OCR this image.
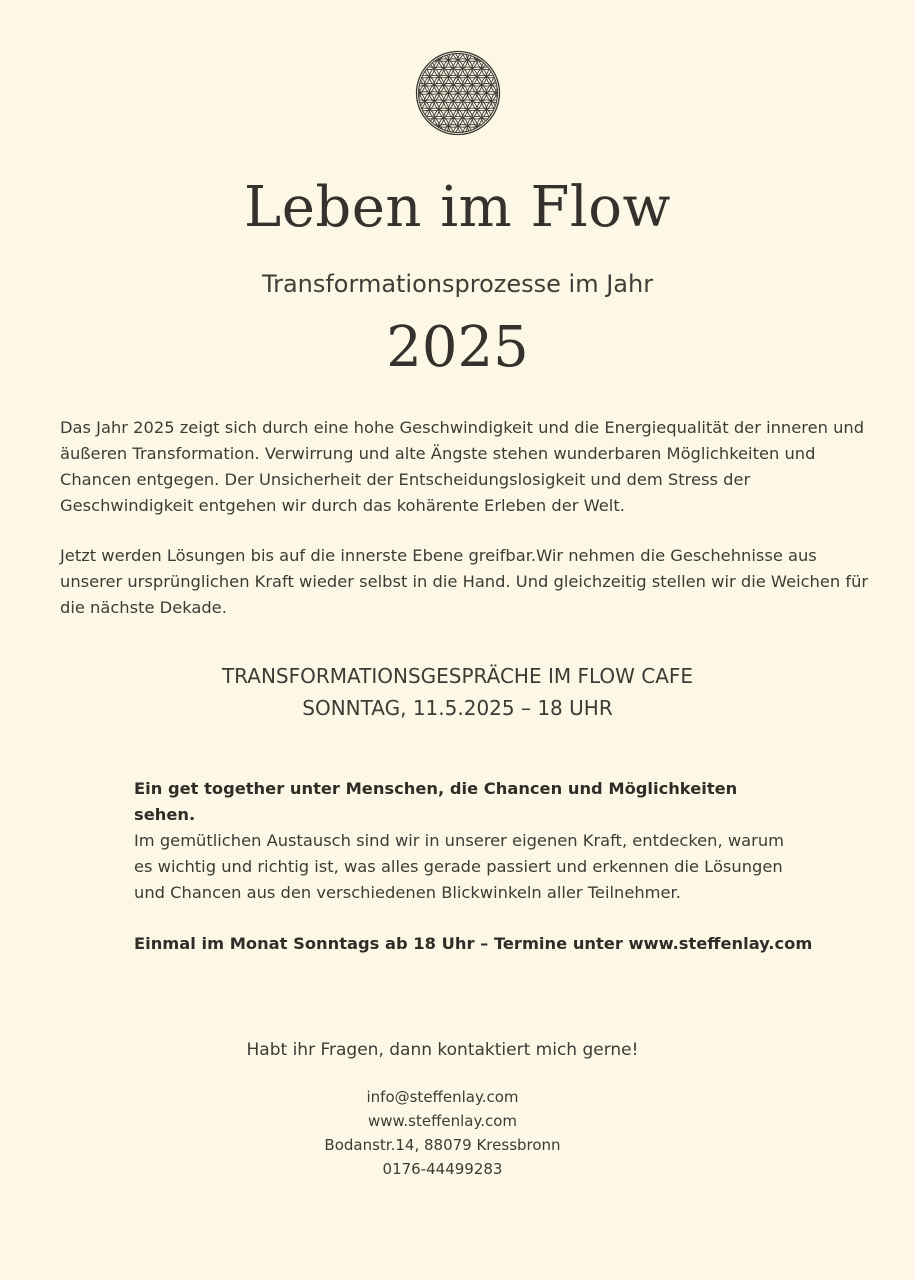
Leben im Flow
Transformationsprozesse im Jahr
2025

Das Jahr 2025 zeigt sich durch eine hohe Geschwindigkeit und die Energiequalität der inneren und äußeren Transformation. Verwirrung und alte Ängste stehen wunderbaren Möglichkeiten und Chancen entgegen. Der Unsicherheit der Entscheidungslosigkeit und dem Stress der Geschwindigkeit entgehen wir durch das kohärente Erleben der Welt.

Jetzt werden Lösungen bis auf die innerste Ebene greifbar.Wir nehmen die Geschehnisse aus unserer ursprünglichen Kraft wieder selbst in die Hand. Und gleichzeitig stellen wir die Weichen für die nächste Dekade.

TRANSFORMATIONSGESPRÄCHE IM FLOW CAFE
SONNTAG, 11.5.2025 – 18 UHR
Ein get together unter Menschen, die Chancen und Möglichkeiten sehen.
Im gemütlichen Austausch sind wir in unserer eigenen Kraft, entdecken, warum es wichtig und richtig ist, was alles gerade passiert und erkennen die Lösungen und Chancen aus den verschiedenen Blickwinkeln aller Teilnehmer.
Einmal im Monat Sonntags ab 18 Uhr – Termine unter www.steffenlay.com
Habt ihr Fragen, dann kontaktiert mich gerne!
info@steffenlay.com
www.steffenlay.com
Bodanstr.14, 88079 Kressbronn
0176-44499283
